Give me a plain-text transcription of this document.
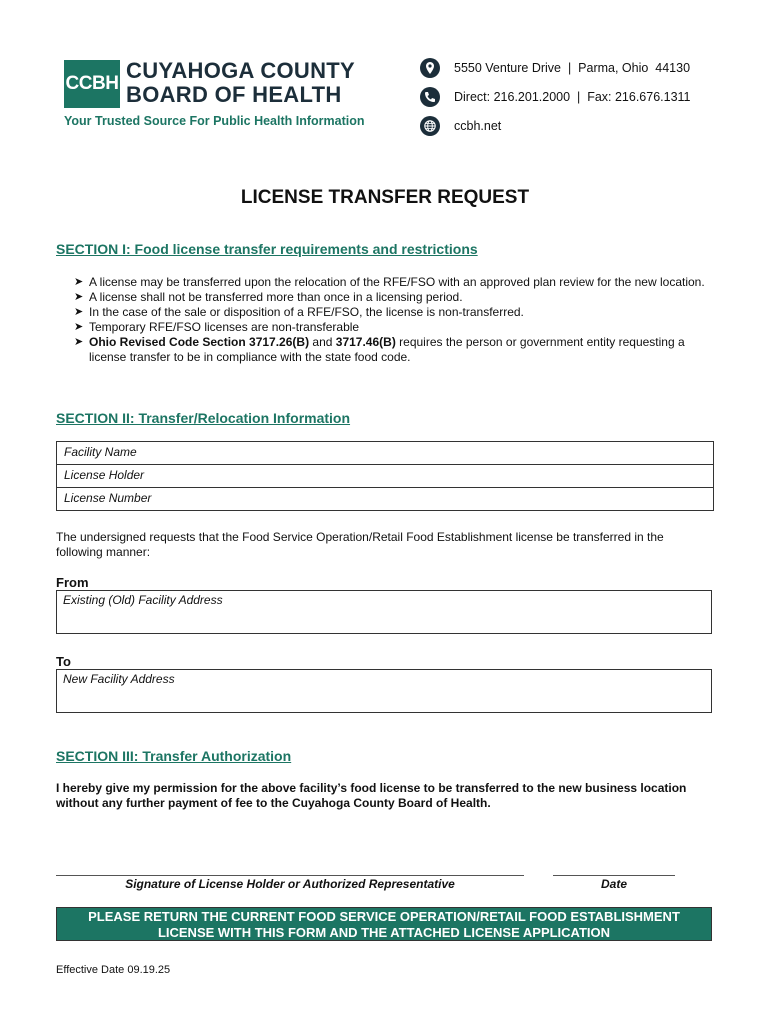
CCBH
CUYAHOGA COUNTY
BOARD OF HEALTH
Your Trusted Source For Public Health Information
5550 Venture Drive  |  Parma, Ohio  44130
Direct: 216.201.2000  |  Fax: 216.676.1311
ccbh.net
LICENSE TRANSFER REQUEST
SECTION I: Food license transfer requirements and restrictions
➤ A license may be transferred upon the relocation of the RFE/FSO with an approved plan review for the new location.
➤ A license shall not be transferred more than once in a licensing period.
➤ In the case of the sale or disposition of a RFE/FSO, the license is non-transferred.
➤ Temporary RFE/FSO licenses are non-transferable
➤ Ohio Revised Code Section 3717.26(B) and 3717.46(B) requires the person or government entity requesting a license transfer to be in compliance with the state food code.
SECTION II: Transfer/Relocation Information
Facility Name
License Holder
License Number
The undersigned requests that the Food Service Operation/Retail Food Establishment license be transferred in the following manner:
From
Existing (Old) Facility Address
To
New Facility Address
SECTION III: Transfer Authorization
I hereby give my permission for the above facility’s food license to be transferred to the new business location without any further payment of fee to the Cuyahoga County Board of Health.
Signature of License Holder or Authorized Representative	Date
PLEASE RETURN THE CURRENT FOOD SERVICE OPERATION/RETAIL FOOD ESTABLISHMENT
LICENSE WITH THIS FORM AND THE ATTACHED LICENSE APPLICATION
Effective Date 09.19.25
